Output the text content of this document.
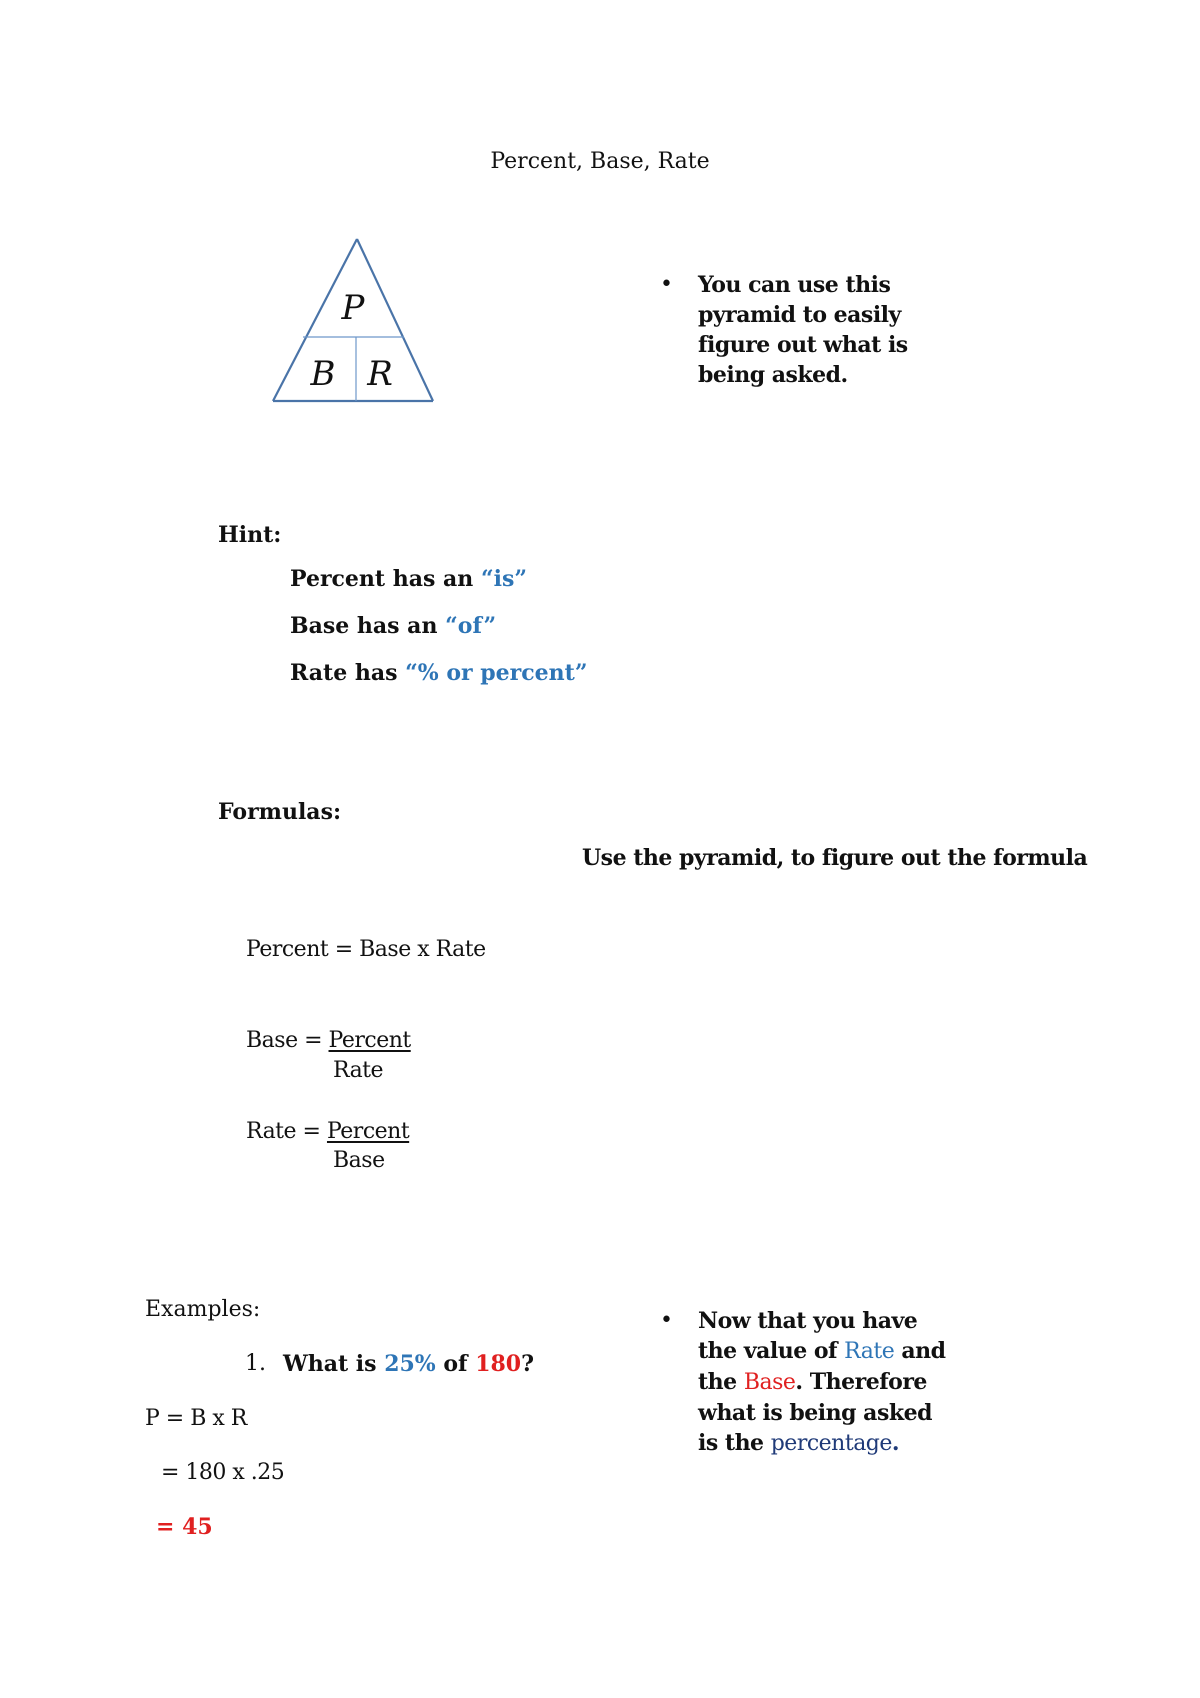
Percent, Base, Rate
P
B R
• You can use this pyramid to easily figure out what is being asked.
Hint:
Percent has an “is”
Base has an “of”
Rate has “% or percent”
Formulas:
Use the pyramid, to figure out the formula
Percent = Base x Rate
Base = Percent
Rate
Rate = Percent
Base
Examples:
1. What is 25% of 180?
P = B x R
= 180 x .25
= 45
• Now that you have the value of Rate and the Base. Therefore what is being asked is the percentage.
